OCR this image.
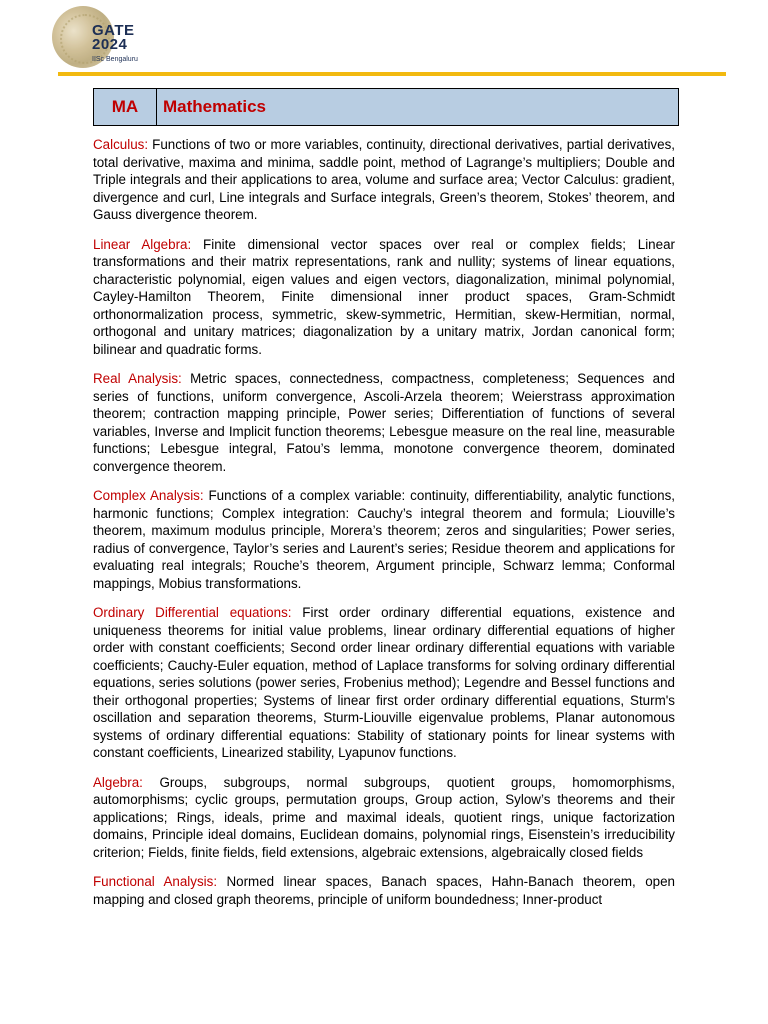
GATE
2024
IISc Bengaluru
MA	Mathematics

Calculus: Functions of two or more variables, continuity, directional derivatives, partial derivatives, total derivative, maxima and minima, saddle point, method of Lagrange’s multipliers; Double and Triple integrals and their applications to area, volume and surface area; Vector Calculus: gradient, divergence and curl, Line integrals and Surface integrals, Green’s theorem, Stokes’ theorem, and Gauss divergence theorem.

Linear Algebra: Finite dimensional vector spaces over real or complex fields; Linear transformations and their matrix representations, rank and nullity; systems of linear equations, characteristic polynomial, eigen values and eigen vectors, diagonalization, minimal polynomial, Cayley-Hamilton Theorem, Finite dimensional inner product spaces, Gram-Schmidt orthonormalization process, symmetric, skew-symmetric, Hermitian, skew-Hermitian, normal, orthogonal and unitary matrices; diagonalization by a unitary matrix, Jordan canonical form; bilinear and quadratic forms.

Real Analysis: Metric spaces, connectedness, compactness, completeness; Sequences and series of functions, uniform convergence, Ascoli-Arzela theorem; Weierstrass approximation theorem; contraction mapping principle, Power series; Differentiation of functions of several variables, Inverse and Implicit function theorems; Lebesgue measure on the real line, measurable functions; Lebesgue integral, Fatou’s lemma, monotone convergence theorem, dominated convergence theorem.

Complex Analysis: Functions of a complex variable: continuity, differentiability, analytic functions, harmonic functions; Complex integration: Cauchy’s integral theorem and formula; Liouville’s theorem, maximum modulus principle, Morera’s theorem; zeros and singularities; Power series, radius of convergence, Taylor’s series and Laurent’s series; Residue theorem and applications for evaluating real integrals; Rouche’s theorem, Argument principle, Schwarz lemma; Conformal mappings, Mobius transformations.

Ordinary Differential equations: First order ordinary differential equations, existence and uniqueness theorems for initial value problems, linear ordinary differential equations of higher order with constant coefficients; Second order linear ordinary differential equations with variable coefficients; Cauchy-Euler equation, method of Laplace transforms for solving ordinary differential equations, series solutions (power series, Frobenius method); Legendre and Bessel functions and their orthogonal properties; Systems of linear first order ordinary differential equations, Sturm's oscillation and separation theorems, Sturm-Liouville eigenvalue problems, Planar autonomous systems of ordinary differential equations: Stability of stationary points for linear systems with constant coefficients, Linearized stability, Lyapunov functions.

Algebra: Groups, subgroups, normal subgroups, quotient groups, homomorphisms, automorphisms; cyclic groups, permutation groups, Group action, Sylow’s theorems and their applications; Rings, ideals, prime and maximal ideals, quotient rings, unique factorization domains, Principle ideal domains, Euclidean domains, polynomial rings, Eisenstein’s irreducibility criterion; Fields, finite fields, field extensions, algebraic extensions, algebraically closed fields

Functional Analysis: Normed linear spaces, Banach spaces, Hahn-Banach theorem, open mapping and closed graph theorems, principle of uniform boundedness; Inner-product
